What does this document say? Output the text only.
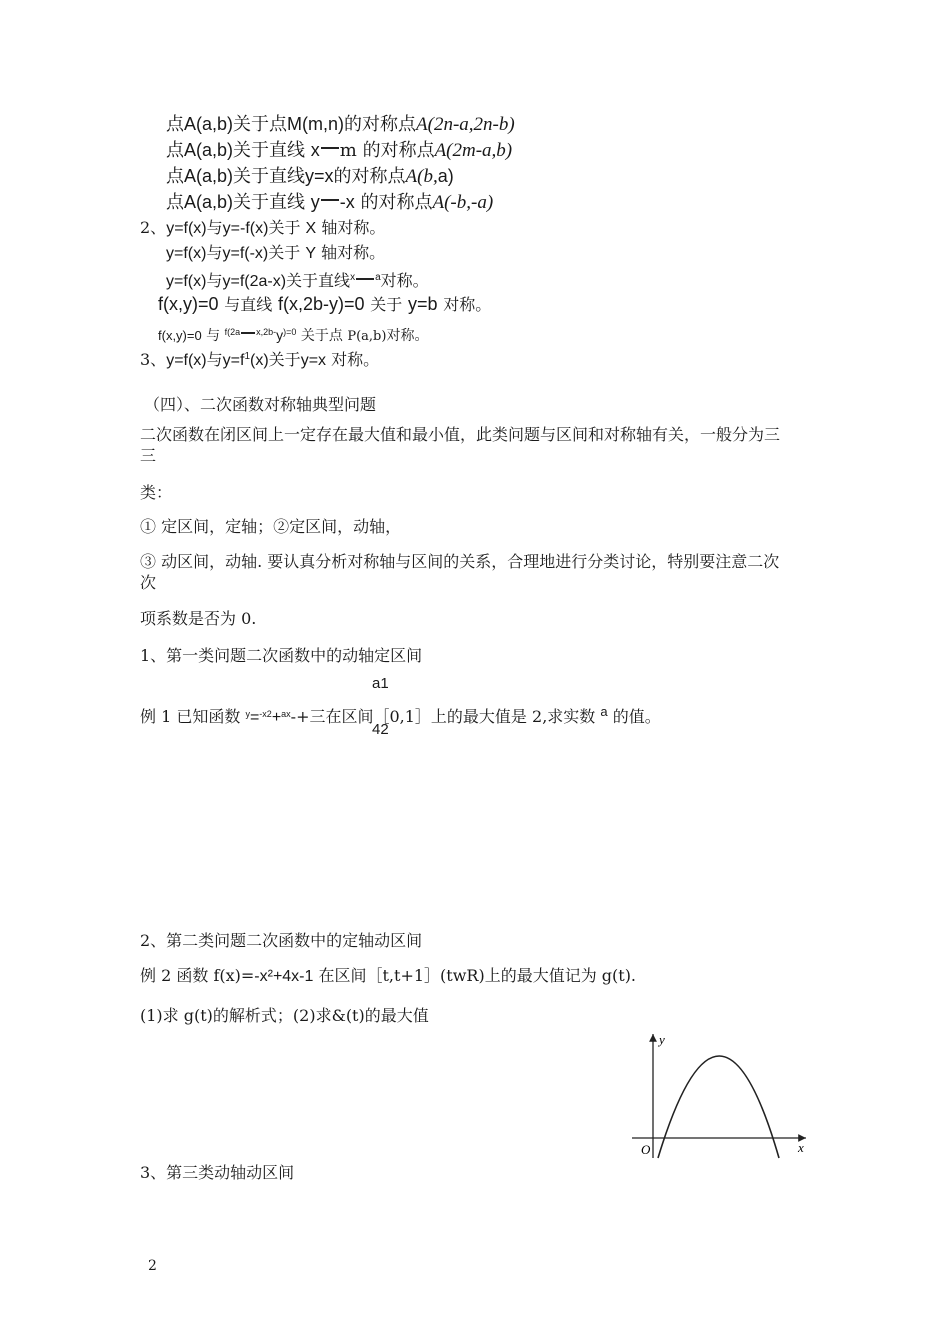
点A(a,b)关于点M(m,n)的对称点A(2n-a,2n-b)
点A(a,b)关于直线 x m 的对称点A(2m-a,b)
点A(a,b)关于直线y=x的对称点A(b,a)
点A(a,b)关于直线 y -x 的对称点A(-b,-a)
2、y=f(x)与y=-f(x)关于 X 轴对称。
y=f(x)与y=f(-x)关于 Y 轴对称。
y=f(x)与y=f(2a-x)关于直线$^x$ $^a$对称。
f(x,y)=0 与直线 f(x,2b-y)=0 关于 y=b 对称。
f(x,y)=0 与 $^{f(2a}$ $^{x,2b-}y^{)=0}$ 关于点 P(a,b)对称。
3、y=f(x)与$y=f^1(x)$关于y=x 对称。
（四）、二次函数对称轴典型问题
二次函数在闭区间上一定存在最大值和最小值，此类问题与区间和对称轴有关，一般分为三
三
类：
① 定区间，定轴；②定区间，动轴，
③ 动区间，动轴. 要认真分析对称轴与区间的关系，合理地进行分类讨论，特别要注意二次
次
项系数是否为 0.
1、第一类问题二次函数中的动轴定区间
a1
例 1 已知函数 $^y$=$^{-x2}$+$^{ax}$-+三在区间［0,1］上的最大值是 2,求实数 $^a$ 的值。
42
2、第二类问题二次函数中的定轴动区间
例 2 函数 f(x)=-x²+4x-1 在区间［t,t+1］(twR)上的最大值记为 g(t).
(1)求 g(t)的解析式；(2)求&(t)的最大值
y
x
O
3、第三类动轴动区间
2
